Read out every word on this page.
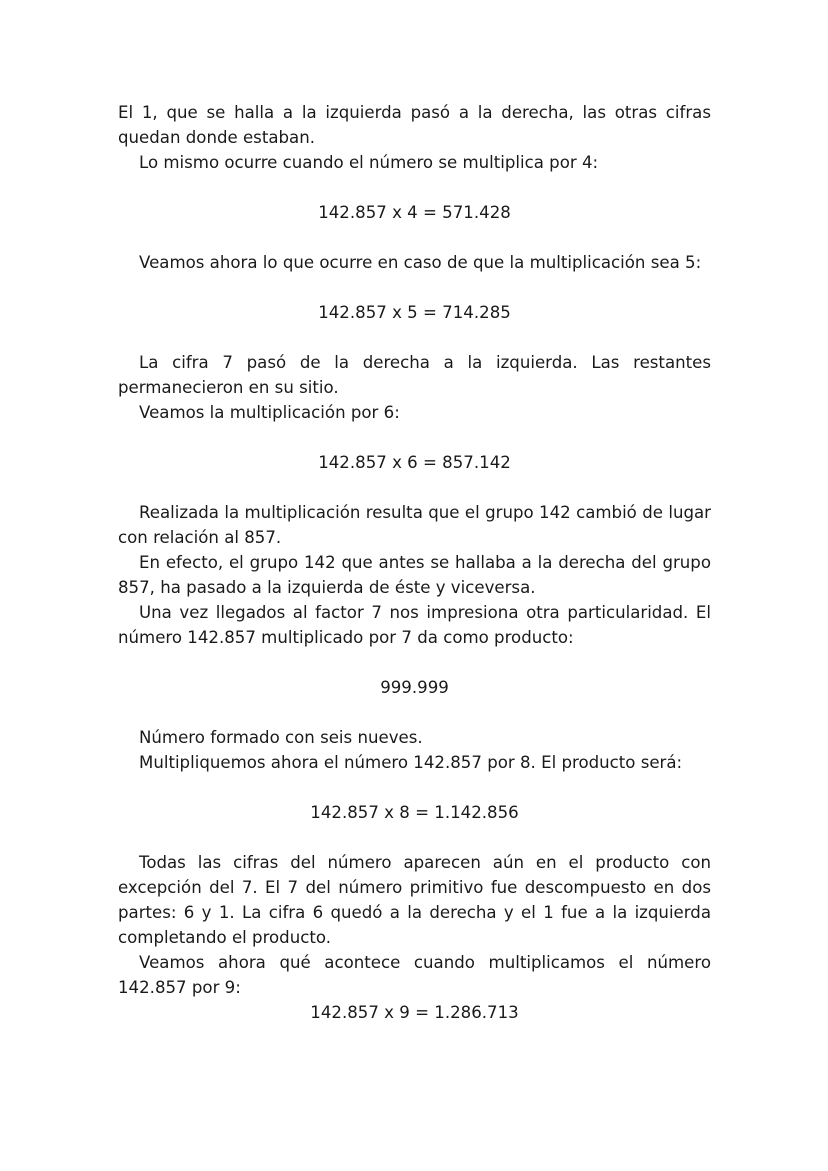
El 1, que se halla a la izquierda pasó a la derecha, las otras cifras quedan donde estaban.

Lo mismo ocurre cuando el número se multiplica por 4:

142.857 x 4 = 571.428

Veamos ahora lo que ocurre en caso de que la multiplicación sea 5:

142.857 x 5 = 714.285

La cifra 7 pasó de la derecha a la izquierda. Las restantes permanecieron en su sitio.

Veamos la multiplicación por 6:

142.857 x 6 = 857.142

Realizada la multiplicación resulta que el grupo 142 cambió de lugar con relación al 857.

En efecto, el grupo 142 que antes se hallaba a la derecha del grupo 857, ha pasado a la izquierda de éste y viceversa.

Una vez llegados al factor 7 nos impresiona otra particularidad. El número 142.857 multiplicado por 7 da como producto:

999.999

Número formado con seis nueves.

Multipliquemos ahora el número 142.857 por 8. El producto será:

142.857 x 8 = 1.142.856

Todas las cifras del número aparecen aún en el producto con excepción del 7. El 7 del número primitivo fue descompuesto en dos partes: 6 y 1. La cifra 6 quedó a la derecha y el 1 fue a la izquierda completando el producto.

Veamos ahora qué acontece cuando multiplicamos el número 142.857 por 9:

142.857 x 9 = 1.286.713
